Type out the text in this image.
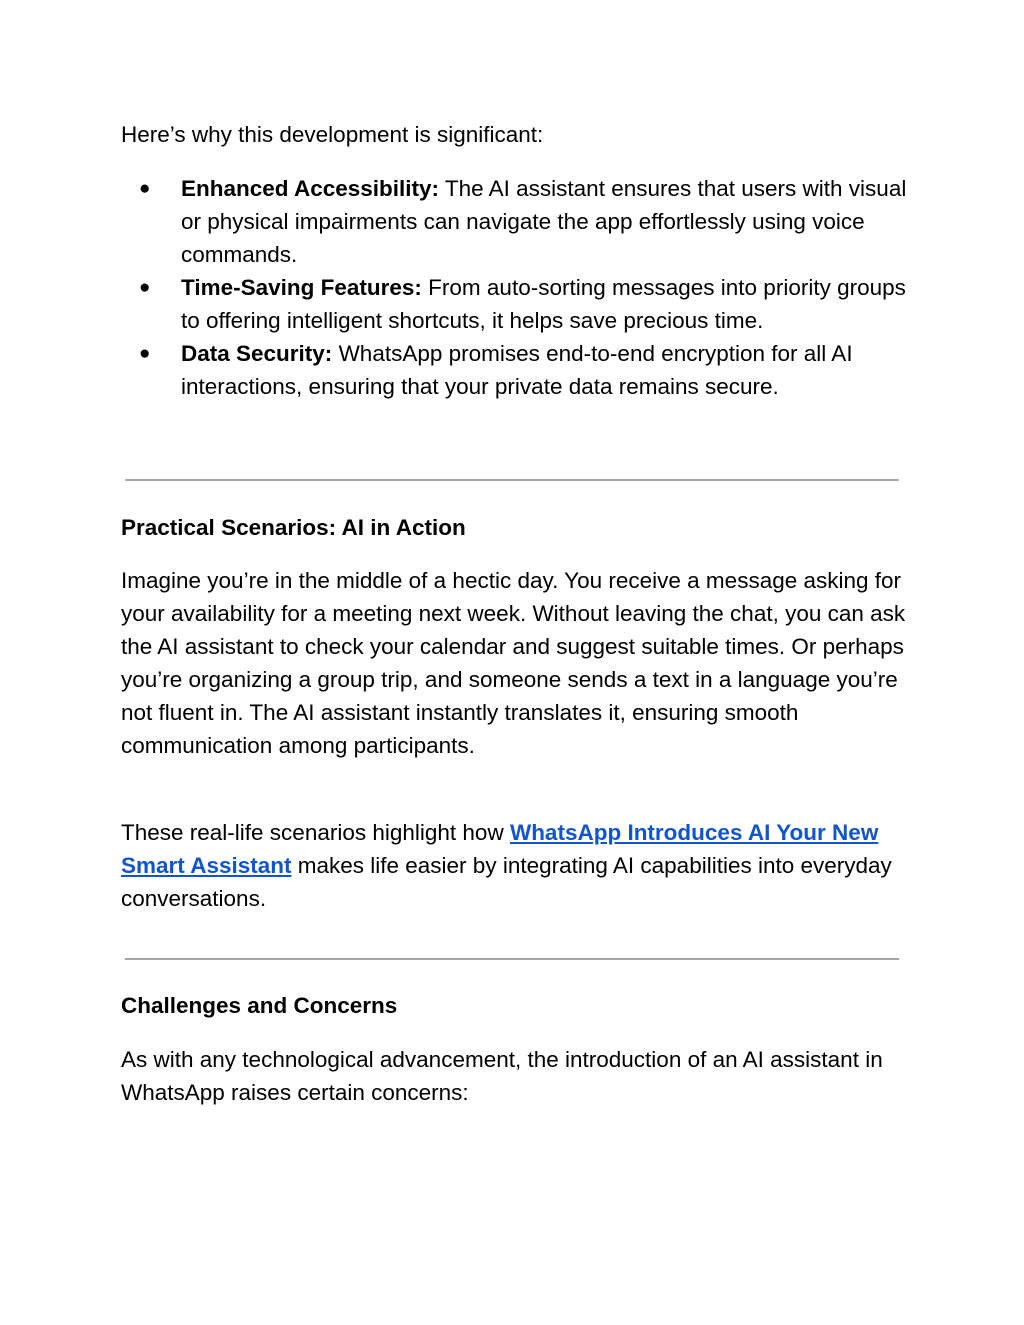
Here’s why this development is significant:

● Enhanced Accessibility: The AI assistant ensures that users with visual or physical impairments can navigate the app effortlessly using voice commands.
● Time-Saving Features: From auto-sorting messages into priority groups to offering intelligent shortcuts, it helps save precious time.
● Data Security: WhatsApp promises end-to-end encryption for all AI interactions, ensuring that your private data remains secure.
Practical Scenarios: AI in Action

Imagine you’re in the middle of a hectic day. You receive a message asking for your availability for a meeting next week. Without leaving the chat, you can ask the AI assistant to check your calendar and suggest suitable times. Or perhaps you’re organizing a group trip, and someone sends a text in a language you’re not fluent in. The AI assistant instantly translates it, ensuring smooth communication among participants.

These real-life scenarios highlight how WhatsApp Introduces AI Your New Smart Assistant makes life easier by integrating AI capabilities into everyday conversations.

Challenges and Concerns

As with any technological advancement, the introduction of an AI assistant in WhatsApp raises certain concerns:
